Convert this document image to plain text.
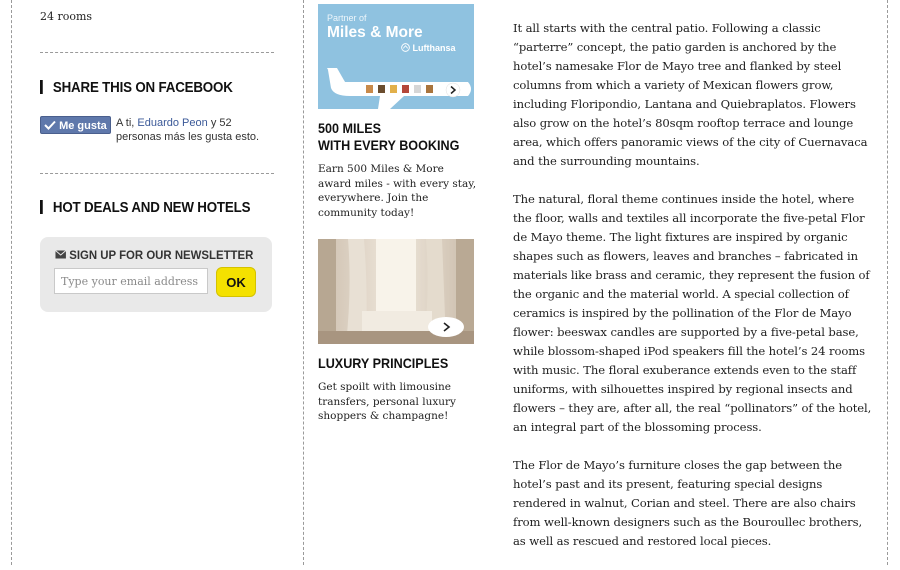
24 rooms
SHARE THIS ON FACEBOOK
Me gusta A ti, Eduardo Peon y 52 personas más les gusta esto.
HOT DEALS AND NEW HOTELS
SIGN UP FOR OUR NEWSLETTER
Type your email address
OK
Partner of
Miles & More
Lufthansa
500 MILES
WITH EVERY BOOKING
Earn 500 Miles & More award miles - with every stay, everywhere. Join the community today!
LUXURY PRINCIPLES
Get spoilt with limousine transfers, personal luxury shoppers & champagne!

It all starts with the central patio. Following a classic “parterre” concept, the patio garden is anchored by the hotel’s namesake Flor de Mayo tree and flanked by steel columns from which a variety of Mexican flowers grow, including Floripondio, Lantana and Quiebraplatos. Flowers also grow on the hotel’s 80sqm rooftop terrace and lounge area, which offers panoramic views of the city of Cuernavaca and the surrounding mountains.

The natural, floral theme continues inside the hotel, where the floor, walls and textiles all incorporate the five-petal Flor de Mayo theme. The light fixtures are inspired by organic shapes such as flowers, leaves and branches – fabricated in materials like brass and ceramic, they represent the fusion of the organic and the material world. A special collection of ceramics is inspired by the pollination of the Flor de Mayo flower: beeswax candles are supported by a five-petal base, while blossom-shaped iPod speakers fill the hotel’s 24 rooms with music. The floral exuberance extends even to the staff uniforms, with silhouettes inspired by regional insects and flowers – they are, after all, the real “pollinators” of the hotel, an integral part of the blossoming process.

The Flor de Mayo’s furniture closes the gap between the hotel’s past and its present, featuring special designs rendered in walnut, Corian and steel. There are also chairs from well-known designers such as the Bouroullec brothers, as well as rescued and restored local pieces.
